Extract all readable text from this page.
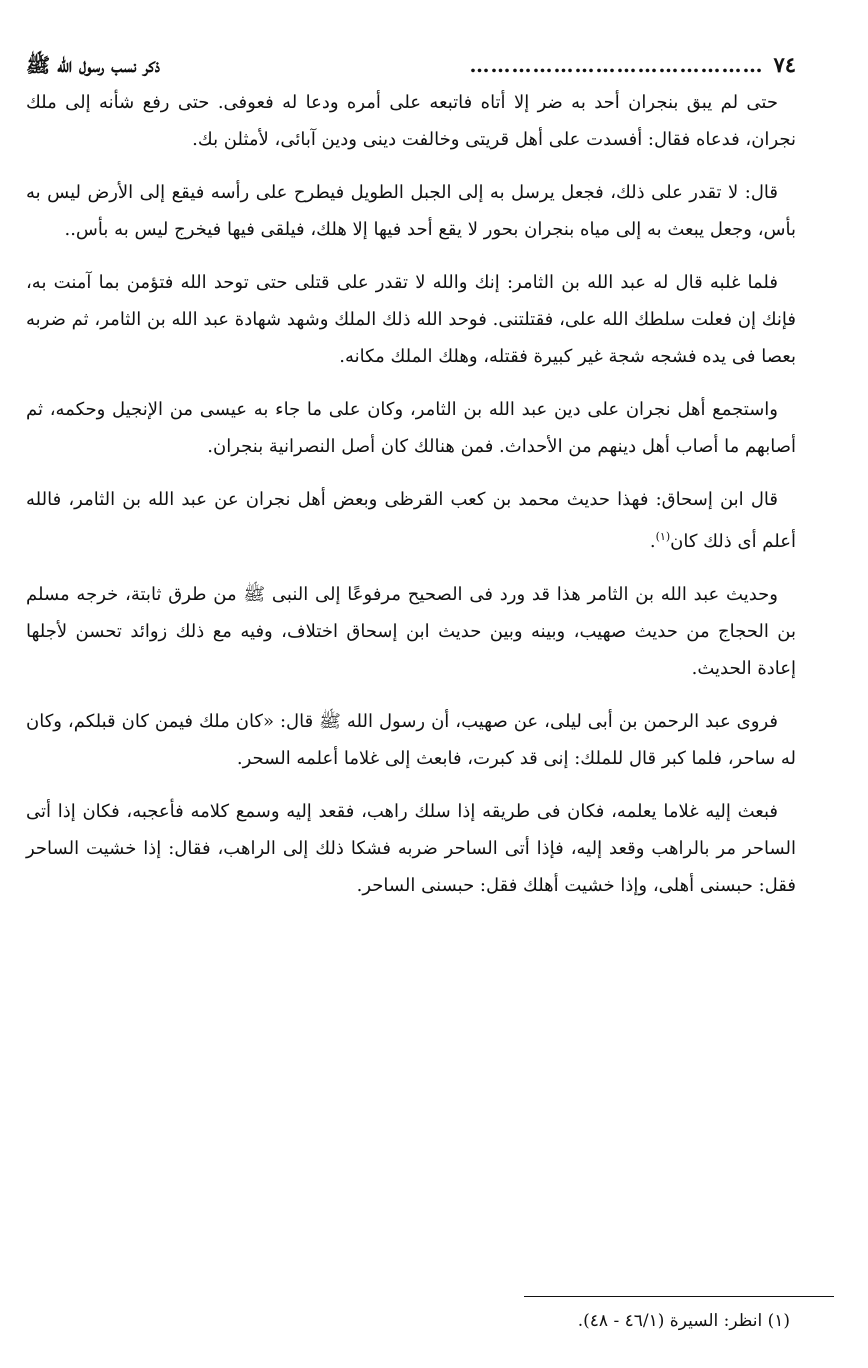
٧٤
……………………………………
ذكر نسب رسول الله ﷺ

حتى لم يبق بنجران أحد به ضر إلا أتاه فاتبعه على أمره ودعا له فعوفى. حتى رفع شأنه إلى ملك نجران، فدعاه فقال: أفسدت على أهل قريتى وخالفت دينى ودين آبائى، لأمثلن بك.

قال: لا تقدر على ذلك، فجعل يرسل به إلى الجبل الطويل فيطرح على رأسه فيقع إلى الأرض ليس به بأس، وجعل يبعث به إلى مياه بنجران بحور لا يقع أحد فيها إلا هلك، فيلقى فيها فيخرج ليس به بأس..

فلما غلبه قال له عبد الله بن الثامر: إنك والله لا تقدر على قتلى حتى توحد الله فتؤمن بما آمنت به، فإنك إن فعلت سلطك الله على، فقتلتنى. فوحد الله ذلك الملك وشهد شهادة عبد الله بن الثامر، ثم ضربه بعصا فى يده فشجه شجة غير كبيرة فقتله، وهلك الملك مكانه.

واستجمع أهل نجران على دين عبد الله بن الثامر، وكان على ما جاء به عيسى من الإنجيل وحكمه، ثم أصابهم ما أصاب أهل دينهم من الأحداث. فمن هنالك كان أصل النصرانية بنجران.

قال ابن إسحاق: فهذا حديث محمد بن كعب القرظى وبعض أهل نجران عن عبد الله بن الثامر، فالله أعلم أى ذلك كان$^{(١)}$.

وحديث عبد الله بن الثامر هذا قد ورد فى الصحيح مرفوعًا إلى النبى ﷺ من طرق ثابتة، خرجه مسلم بن الحجاج من حديث صهيب، وبينه وبين حديث ابن إسحاق اختلاف، وفيه مع ذلك زوائد تحسن لأجلها إعادة الحديث.

فروى عبد الرحمن بن أبى ليلى، عن صهيب، أن رسول الله ﷺ قال: «كان ملك فيمن كان قبلكم، وكان له ساحر، فلما كبر قال للملك: إنى قد كبرت، فابعث إلى غلاما أعلمه السحر.

فبعث إليه غلاما يعلمه، فكان فى طريقه إذا سلك راهب، فقعد إليه وسمع كلامه فأعجبه، فكان إذا أتى الساحر مر بالراهب وقعد إليه، فإذا أتى الساحر ضربه فشكا ذلك إلى الراهب، فقال: إذا خشيت الساحر فقل: حبسنى أهلى، وإذا خشيت أهلك فقل: حبسنى الساحر.

(١) انظر: السيرة (٤٦/١ - ٤٨).
